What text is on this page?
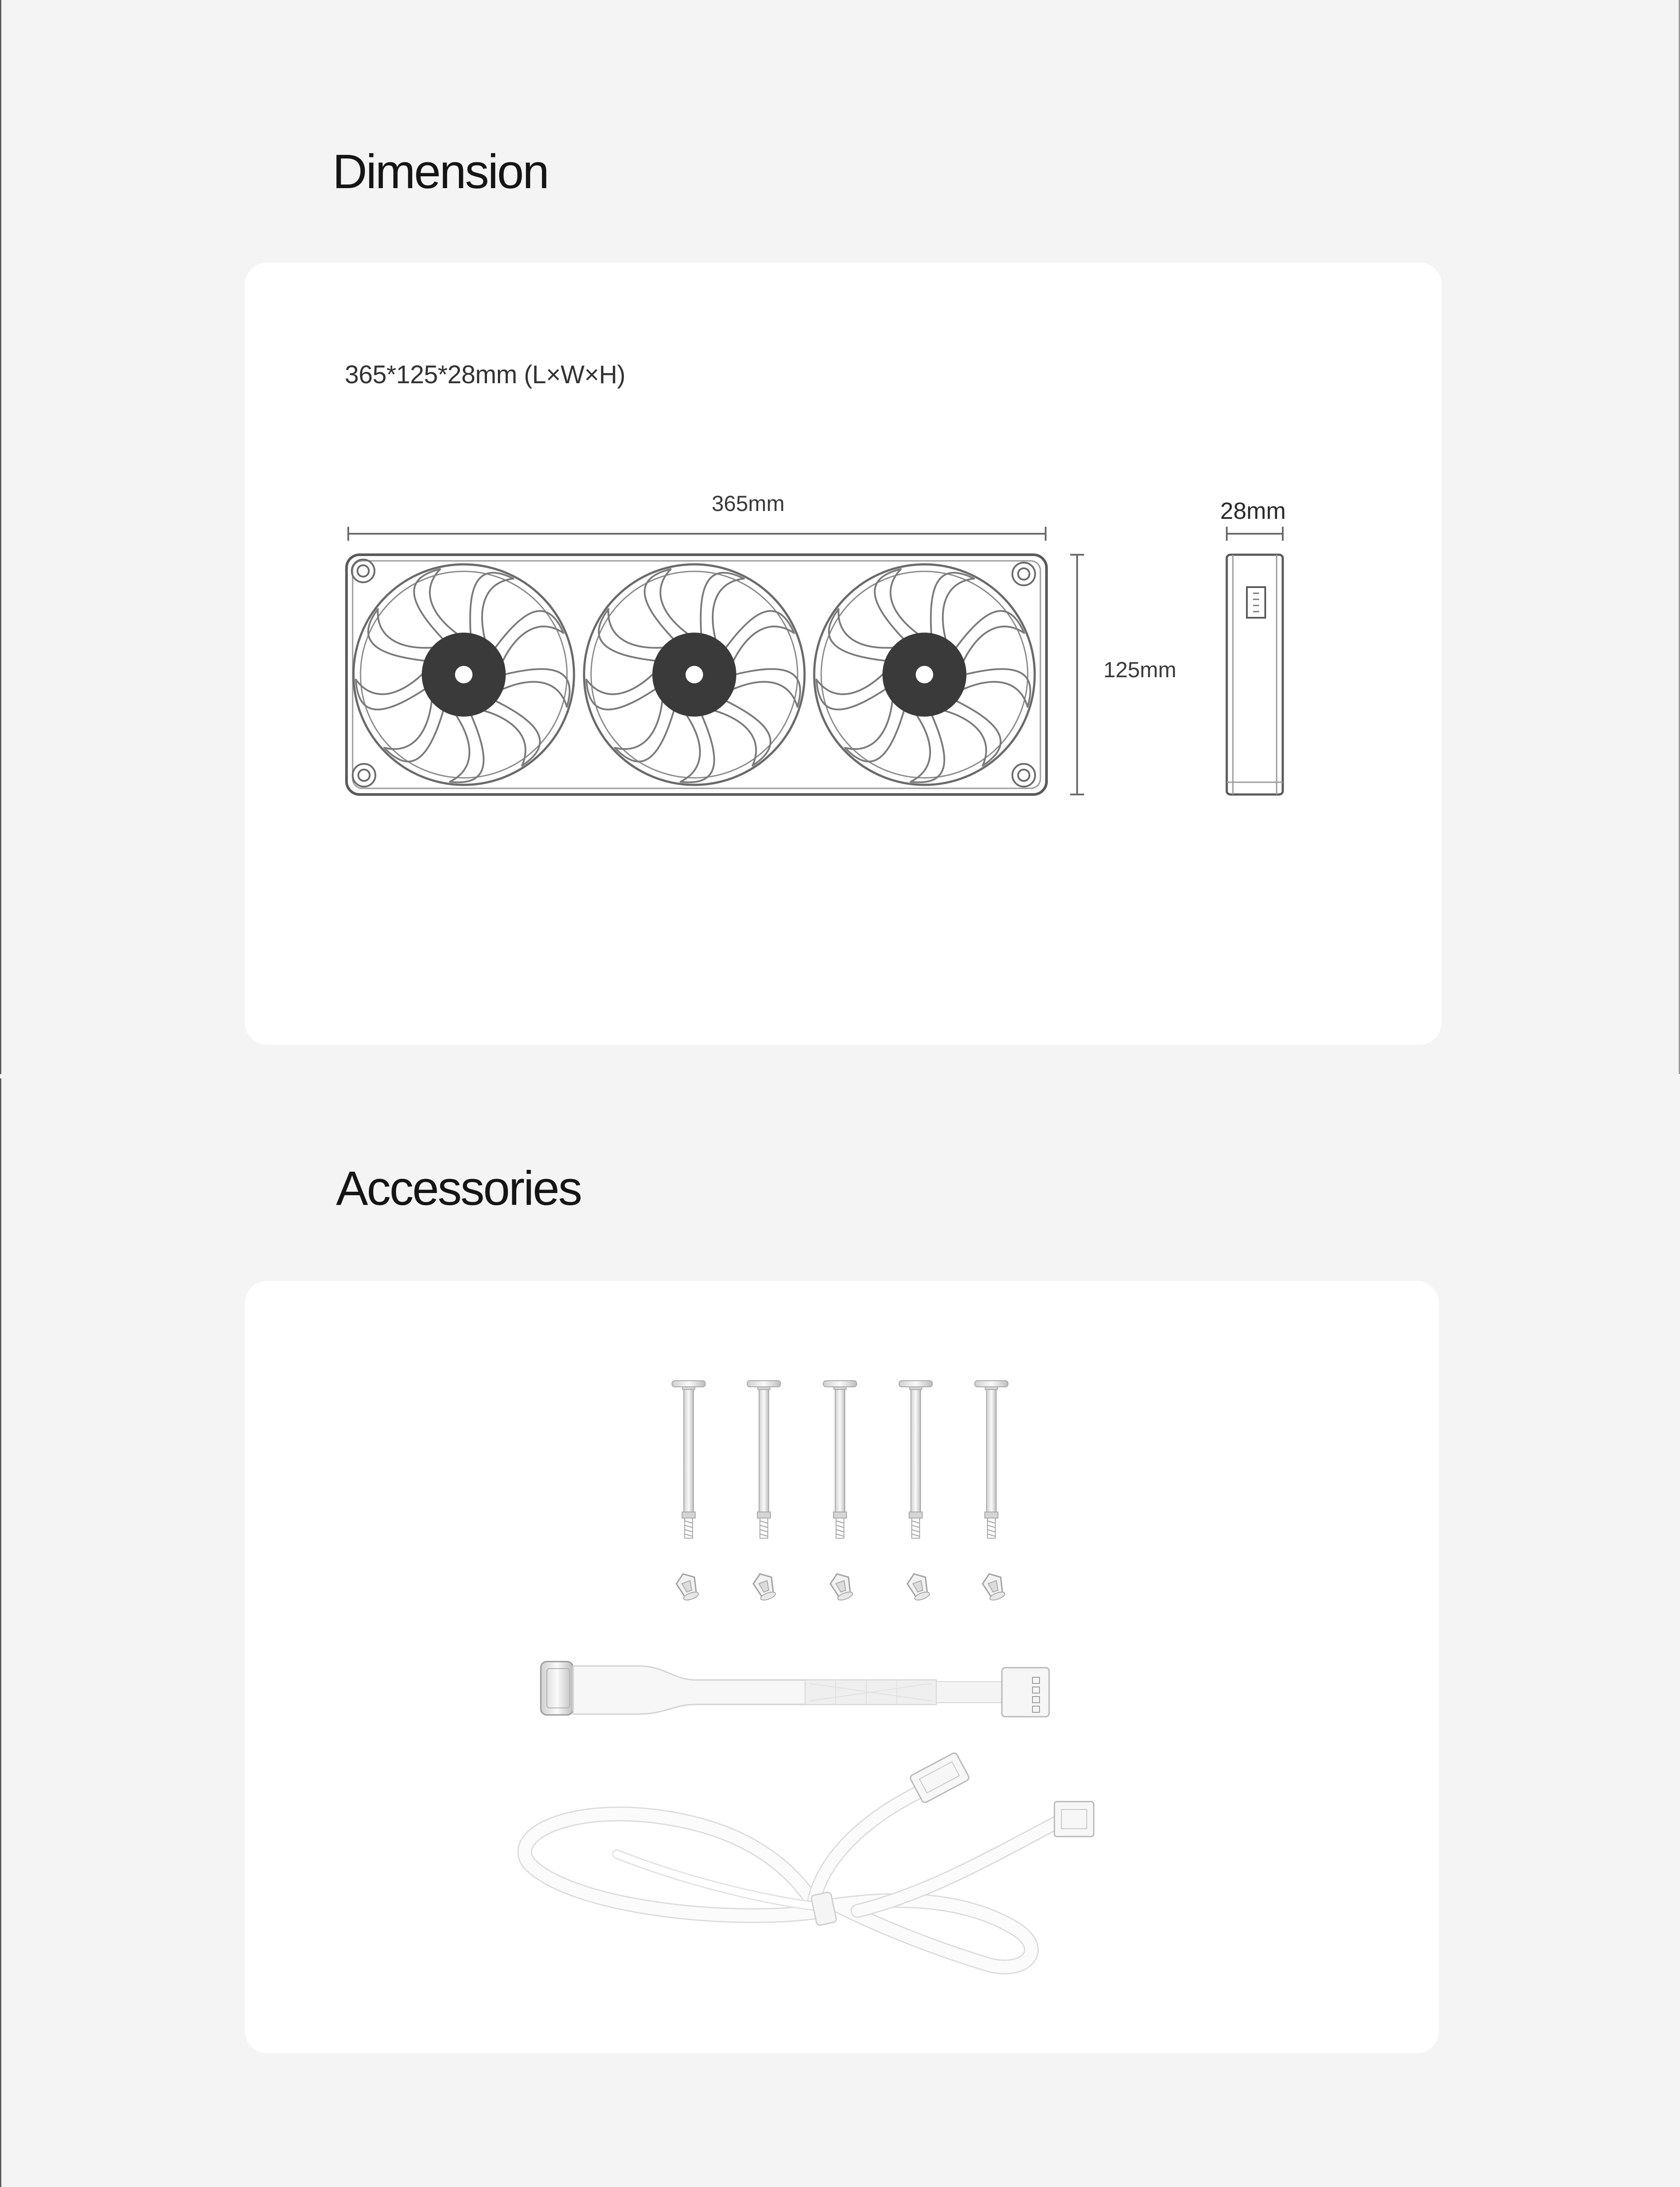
Dimension
365*125*28mm (L×W×H)
365mm
125mm
28mm
Accessories
